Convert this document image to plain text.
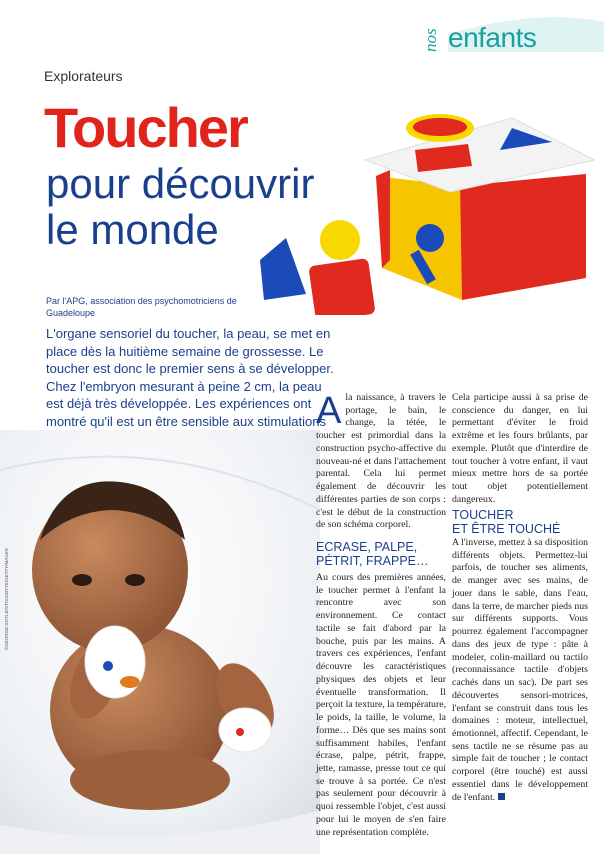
nos enfants
Explorateurs
Toucher
pour découvrir
le monde
Par l'APG, association des psychomotriciens de Guadeloupe
L'organe sensoriel du toucher, la peau, se met en place dès la huitième semaine de grossesse. Le toucher est donc le premier sens à se développer. Chez l'embryon mesurant à peine 2 cm, la peau est déjà très développée. Les expériences ont montré qu'il est un être sensible aux stimulations
©GEORGE DOYLE/STOCKBYTE/GETTYIMAGES
Ala naissance, à travers le portage, le bain, le change, la tétée, le toucher est primordial dans la construction psycho-affective du nouveau-né et dans l'attachement parental. Cela lui permet également de découvrir les différentes parties de son corps : c'est le début de la construction de son schéma corporel.
ECRASE, PALPE,
PÉTRIT, FRAPPE…
Au cours des premières années, le toucher permet à l'enfant la rencontre avec son environnement. Ce contact tactile se fait d'abord par la bouche, puis par les mains. A travers ces expériences, l'enfant découvre les caractéristiques physiques des objets et leur éventuelle transformation. Il perçoit la texture, la température, le poids, la taille, le volume, la forme… Dès que ses mains sont suffisamment habiles, l'enfant écrase, palpe, pétrit, frappe, jette, ramasse, presse tout ce qui se trouve à sa portée. Ce n'est pas seulement pour découvrir à quoi ressemble l'objet, c'est aussi pour lui le moyen de s'en faire une représentation complète.
Cela participe aussi à sa prise de conscience du danger, en lui permettant d'éviter le froid extrême et les fours brûlants, par exemple. Plutôt que d'interdire de tout toucher à votre enfant, il vaut mieux mettre hors de sa portée tout objet potentiellement dangereux.
TOUCHER
ET ÊTRE TOUCHÉ
A l'inverse, mettez à sa disposition différents objets. Permettez-lui parfois, de toucher ses aliments, de manger avec ses mains, de jouer dans le sable, dans l'eau, dans la terre, de marcher pieds nus sur différents supports. Vous pourrez également l'accompagner dans des jeux de type : pâte à modeler, colin-maillard ou tactilo (reconnaissance tactile d'objets cachés dans un sac). De part ses découvertes sensori-motrices, l'enfant se construit dans tous les domaines : moteur, intellectuel, émotionnel, affectif. Cependant, le sens tactile ne se résume pas au simple fait de toucher ; le contact corporel (être touché) est aussi essentiel dans le développement de l'enfant.
